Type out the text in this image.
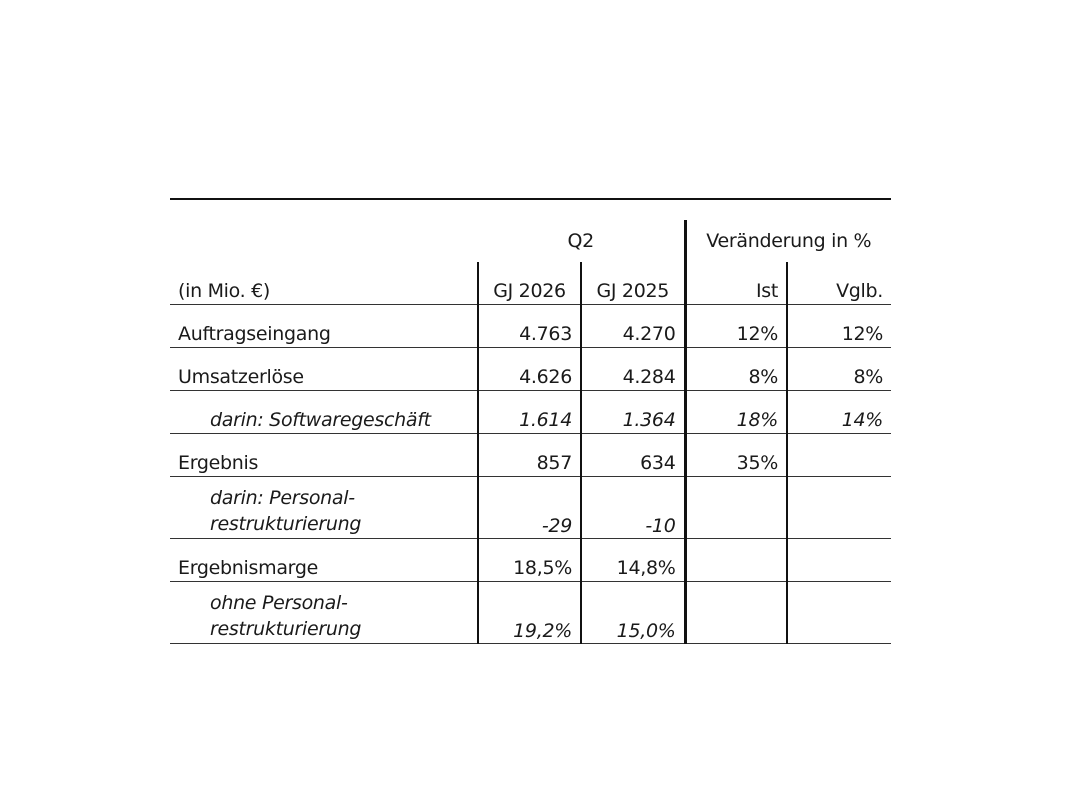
	Q2		Veränderung in %	
(in Mio. €)	GJ 2026	GJ 2025	Ist	Vglb.
Auftragseingang	4.763	4.270	12%	12%
Umsatzerlöse	4.626	4.284	8%	8%
darin: Softwaregeschäft	1.614	1.364	18%	14%
Ergebnis	857	634	35%	

darin: Personal-
restrukturierung	-29	-10		
Ergebnismarge	18,5%	14,8%		

ohne Personal-
restrukturierung	19,2%	15,0%		
